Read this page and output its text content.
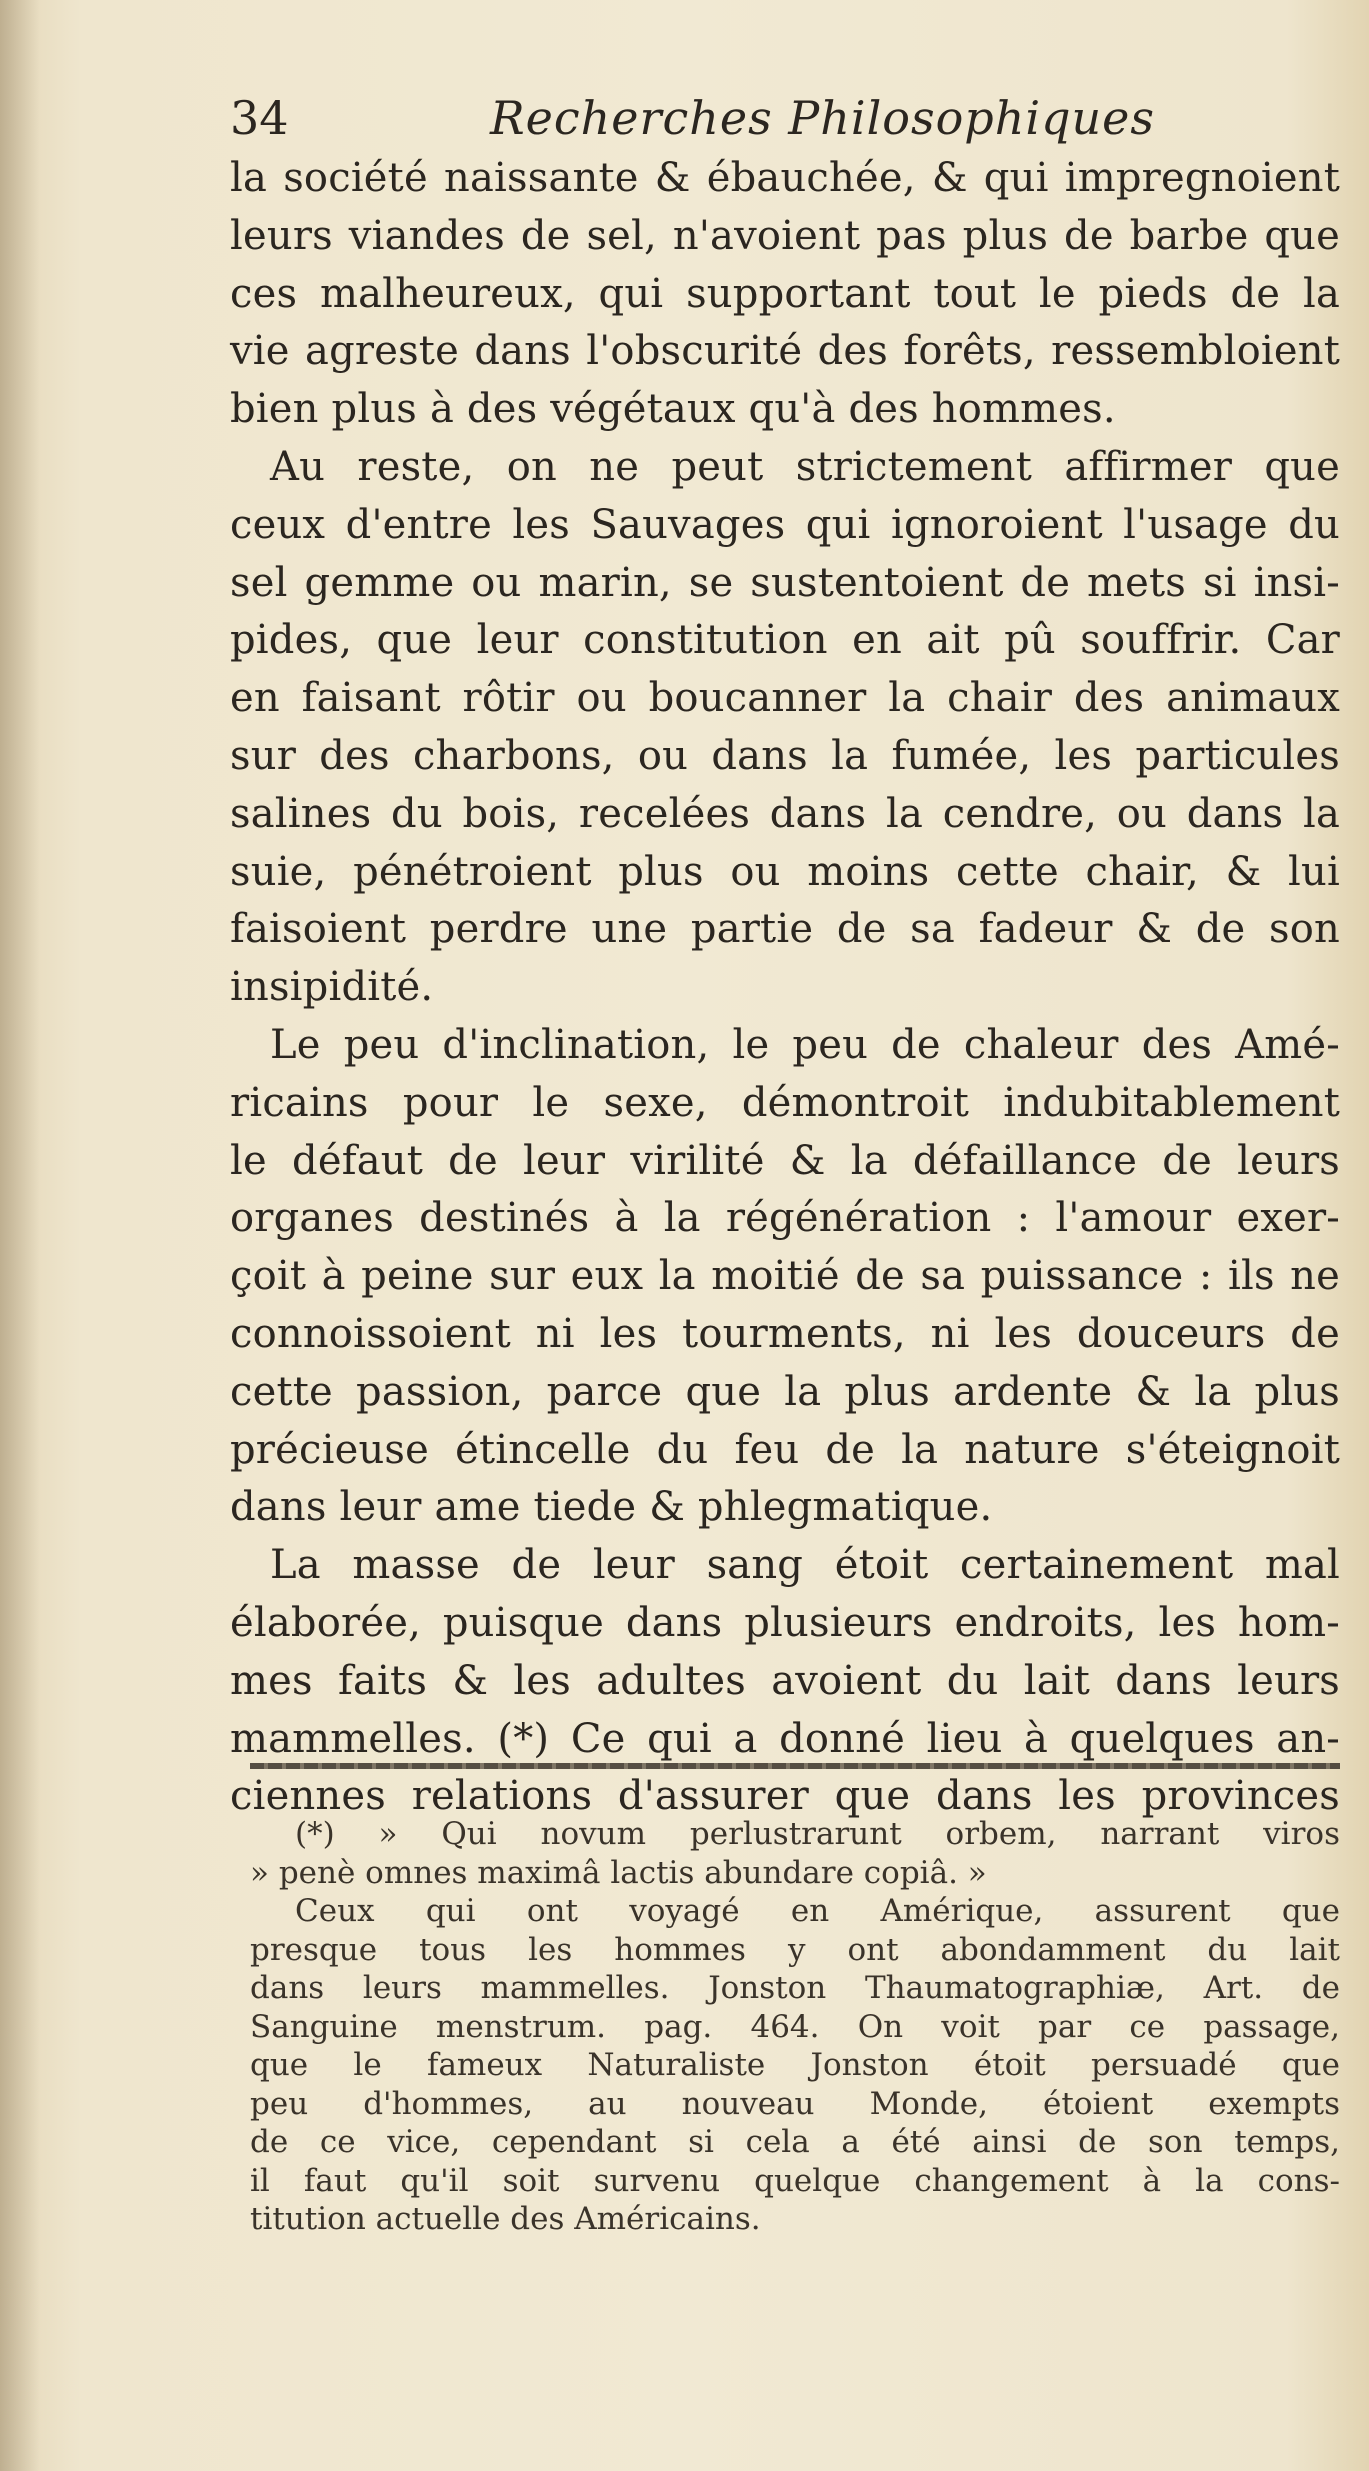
34	Recherches Philosophiques
la société naissante & ébauchée, & qui impregnoient
leurs viandes de sel, n'avoient pas plus de barbe que
ces malheureux, qui supportant tout le pieds de la
vie agreste dans l'obscurité des forêts, ressembloient
bien plus à des végétaux qu'à des hommes.
Au reste, on ne peut strictement affirmer que
ceux d'entre les Sauvages qui ignoroient l'usage du
sel gemme ou marin, se sustentoient de mets si insi-
pides, que leur constitution en ait pû souffrir. Car
en faisant rôtir ou boucanner la chair des animaux
sur des charbons, ou dans la fumée, les particules
salines du bois, recelées dans la cendre, ou dans la
suie, pénétroient plus ou moins cette chair, & lui
faisoient perdre une partie de sa fadeur & de son
insipidité.
Le peu d'inclination, le peu de chaleur des Amé-
ricains pour le sexe, démontroit indubitablement
le défaut de leur virilité & la défaillance de leurs
organes destinés à la régénération : l'amour exer-
çoit à peine sur eux la moitié de sa puissance : ils ne
connoissoient ni les tourments, ni les douceurs de
cette passion, parce que la plus ardente & la plus
précieuse étincelle du feu de la nature s'éteignoit
dans leur ame tiede & phlegmatique.
La masse de leur sang étoit certainement mal
élaborée, puisque dans plusieurs endroits, les hom-
mes faits & les adultes avoient du lait dans leurs
mammelles. (*) Ce qui a donné lieu à quelques an-
ciennes relations d'assurer que dans les provinces
(*) » Qui novum perlustrarunt orbem, narrant viros
» penè omnes maximâ lactis abundare copiâ. »
Ceux qui ont voyagé en Amérique, assurent que
presque tous les hommes y ont abondamment du lait
dans leurs mammelles. Jonston Thaumatographiæ, Art. de
Sanguine menstrum. pag. 464. On voit par ce passage,
que le fameux Naturaliste Jonston étoit persuadé que
peu d'hommes, au nouveau Monde, étoient exempts
de ce vice, cependant si cela a été ainsi de son temps,
il faut qu'il soit survenu quelque changement à la cons-
titution actuelle des Américains.
